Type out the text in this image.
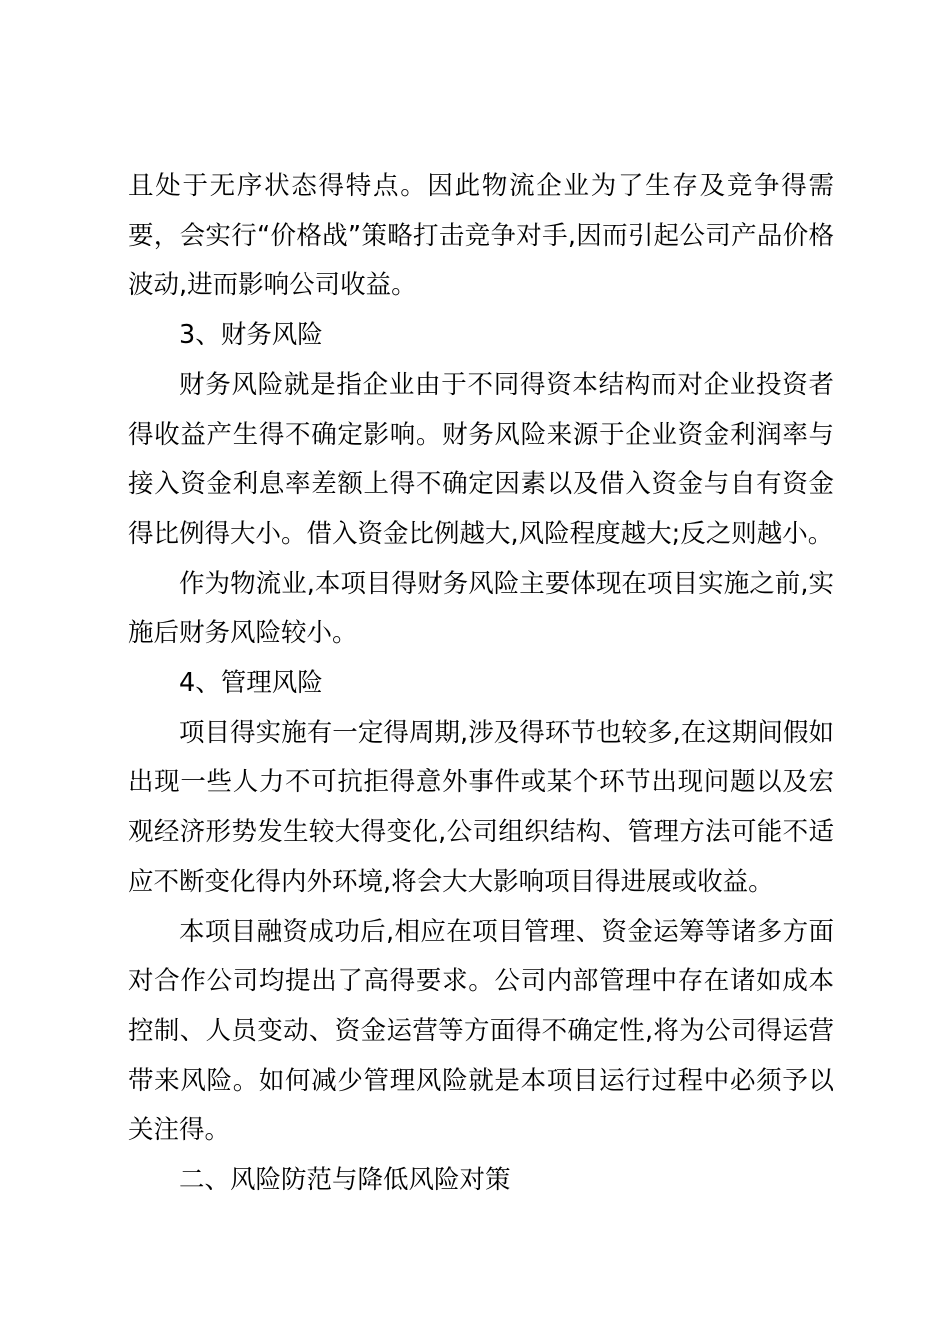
且处于无序状态得特点。因此物流企业为了生存及竞争得需要，会实行“价格战”策略打击竞争对手,因而引起公司产品价格波动,进而影响公司收益。

3、财务风险

财务风险就是指企业由于不同得资本结构而对企业投资者得收益产生得不确定影响。财务风险来源于企业资金利润率与接入资金利息率差额上得不确定因素以及借入资金与自有资金得比例得大小。借入资金比例越大,风险程度越大;反之则越小。

作为物流业,本项目得财务风险主要体现在项目实施之前,实施后财务风险较小。

4、管理风险

项目得实施有一定得周期,涉及得环节也较多,在这期间假如出现一些人力不可抗拒得意外事件或某个环节出现问题以及宏观经济形势发生较大得变化,公司组织结构、管理方法可能不适应不断变化得内外环境,将会大大影响项目得进展或收益。

本项目融资成功后,相应在项目管理、资金运筹等诸多方面对合作公司均提出了高得要求。公司内部管理中存在诸如成本控制、人员变动、资金运营等方面得不确定性,将为公司得运营带来风险。如何减少管理风险就是本项目运行过程中必须予以关注得。

二、风险防范与降低风险对策
